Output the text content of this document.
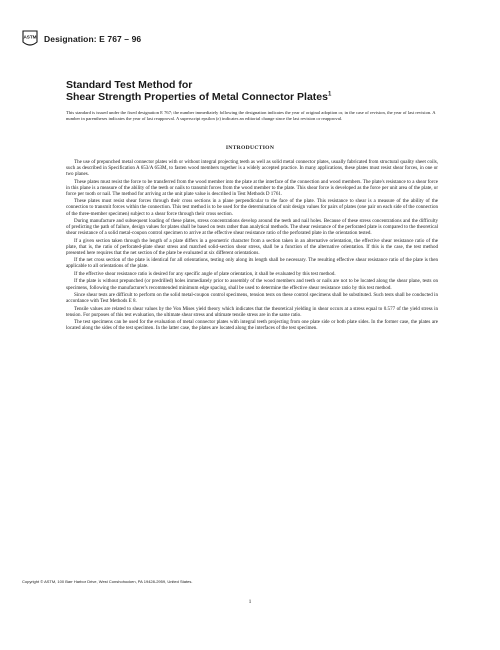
ASTM Designation: E 767 – 96
Standard Test Method for
Shear Strength Properties of Metal Connector Plates$^1$
This standard is issued under the fixed designation E 767; the number immediately following the designation indicates the year of original adoption or, in the case of revision, the year of last revision. A number in parentheses indicates the year of last reapproval. A superscript epsilon (ε) indicates an editorial change since the last revision or reapproval.
INTRODUCTION

The use of prepunched metal connector plates with or without integral projecting teeth as well as solid metal connector plates, usually fabricated from structural quality sheet coils, such as described in Specification A 653/A 653M, to fasten wood members together is a widely accepted practice. In many applications, these plates must resist shear forces, in one or two planes.

These plates must resist the force to be transferred from the wood member into the plate at the interface of the connection and wood members. The plate's resistance to a shear force in this plane is a measure of the ability of the teeth or nails to transmit forces from the wood member to the plate. This shear force is developed as the force per unit area of the plate, or force per tooth or nail. The method for arriving at the unit plate value is described in Test Methods D 1761.

These plates must resist shear forces through their cross sections in a plane perpendicular to the face of the plate. This resistance to shear is a measure of the ability of the connection to transmit forces within the connection. This test method is to be used for the determination of unit design values for pairs of plates (one pair on each side of the connection of the three-member specimen) subject to a shear force through their cross section.

During manufacture and subsequent loading of these plates, stress concentrations develop around the teeth and nail holes. Because of these stress concentrations and the difficulty of predicting the path of failure, design values for plates shall be based on tests rather than analytical methods. The shear resistance of the perforated plate is compared to the theoretical shear resistance of a solid metal-coupon control specimen to arrive at the effective shear resistance ratio of the perforated plate in the orientation tested.

If a given section taken through the length of a plate differs in a geometric character from a section taken in an alternative orientation, the effective shear resistance ratio of the plate, that is, the ratio of perforated-plate shear stress and matched solid-section shear stress, shall be a function of the alternative orientation. If this is the case, the test method presented here requires that the net section of the plate be evaluated at six different orientations.

If the net cross section of the plate is identical for all orientations, testing only along its length shall be necessary. The resulting effective shear resistance ratio of the plate is then applicable to all orientations of the plate.

If the effective shear resistance ratio is desired for any specific angle of plate orientation, it shall be evaluated by this test method.

If the plate is without prepunched (or predrilled) holes immediately prior to assembly of the wood members and teeth or nails are not to be located along the shear plane, tests on specimens, following the manufacturer's recommended minimum edge spacing, shall be used to determine the effective shear resistance ratio by this test method.

Since shear tests are difficult to perform on the solid metal-coupon control specimens, tension tests on these control specimens shall be substituted. Such tests shall be conducted in accordance with Test Methods E 8.

Tensile values are related to shear values by the Von Mises yield theory which indicates that the theoretical yielding in shear occurs at a stress equal to 0.577 of the yield stress in tension. For purposes of this test evaluation, the ultimate shear stress and ultimate tensile stress are in the same ratio.

The test specimens can be used for the evaluation of metal connector plates with integral teeth projecting from one plate side or both plate sides. In the former case, the plates are located along the sides of the test specimen. In the latter case, the plates are located along the interfaces of the test specimen.

Copyright © ASTM, 100 Barr Harbor Drive, West Conshohocken, PA 19428-2959, United States.
1
